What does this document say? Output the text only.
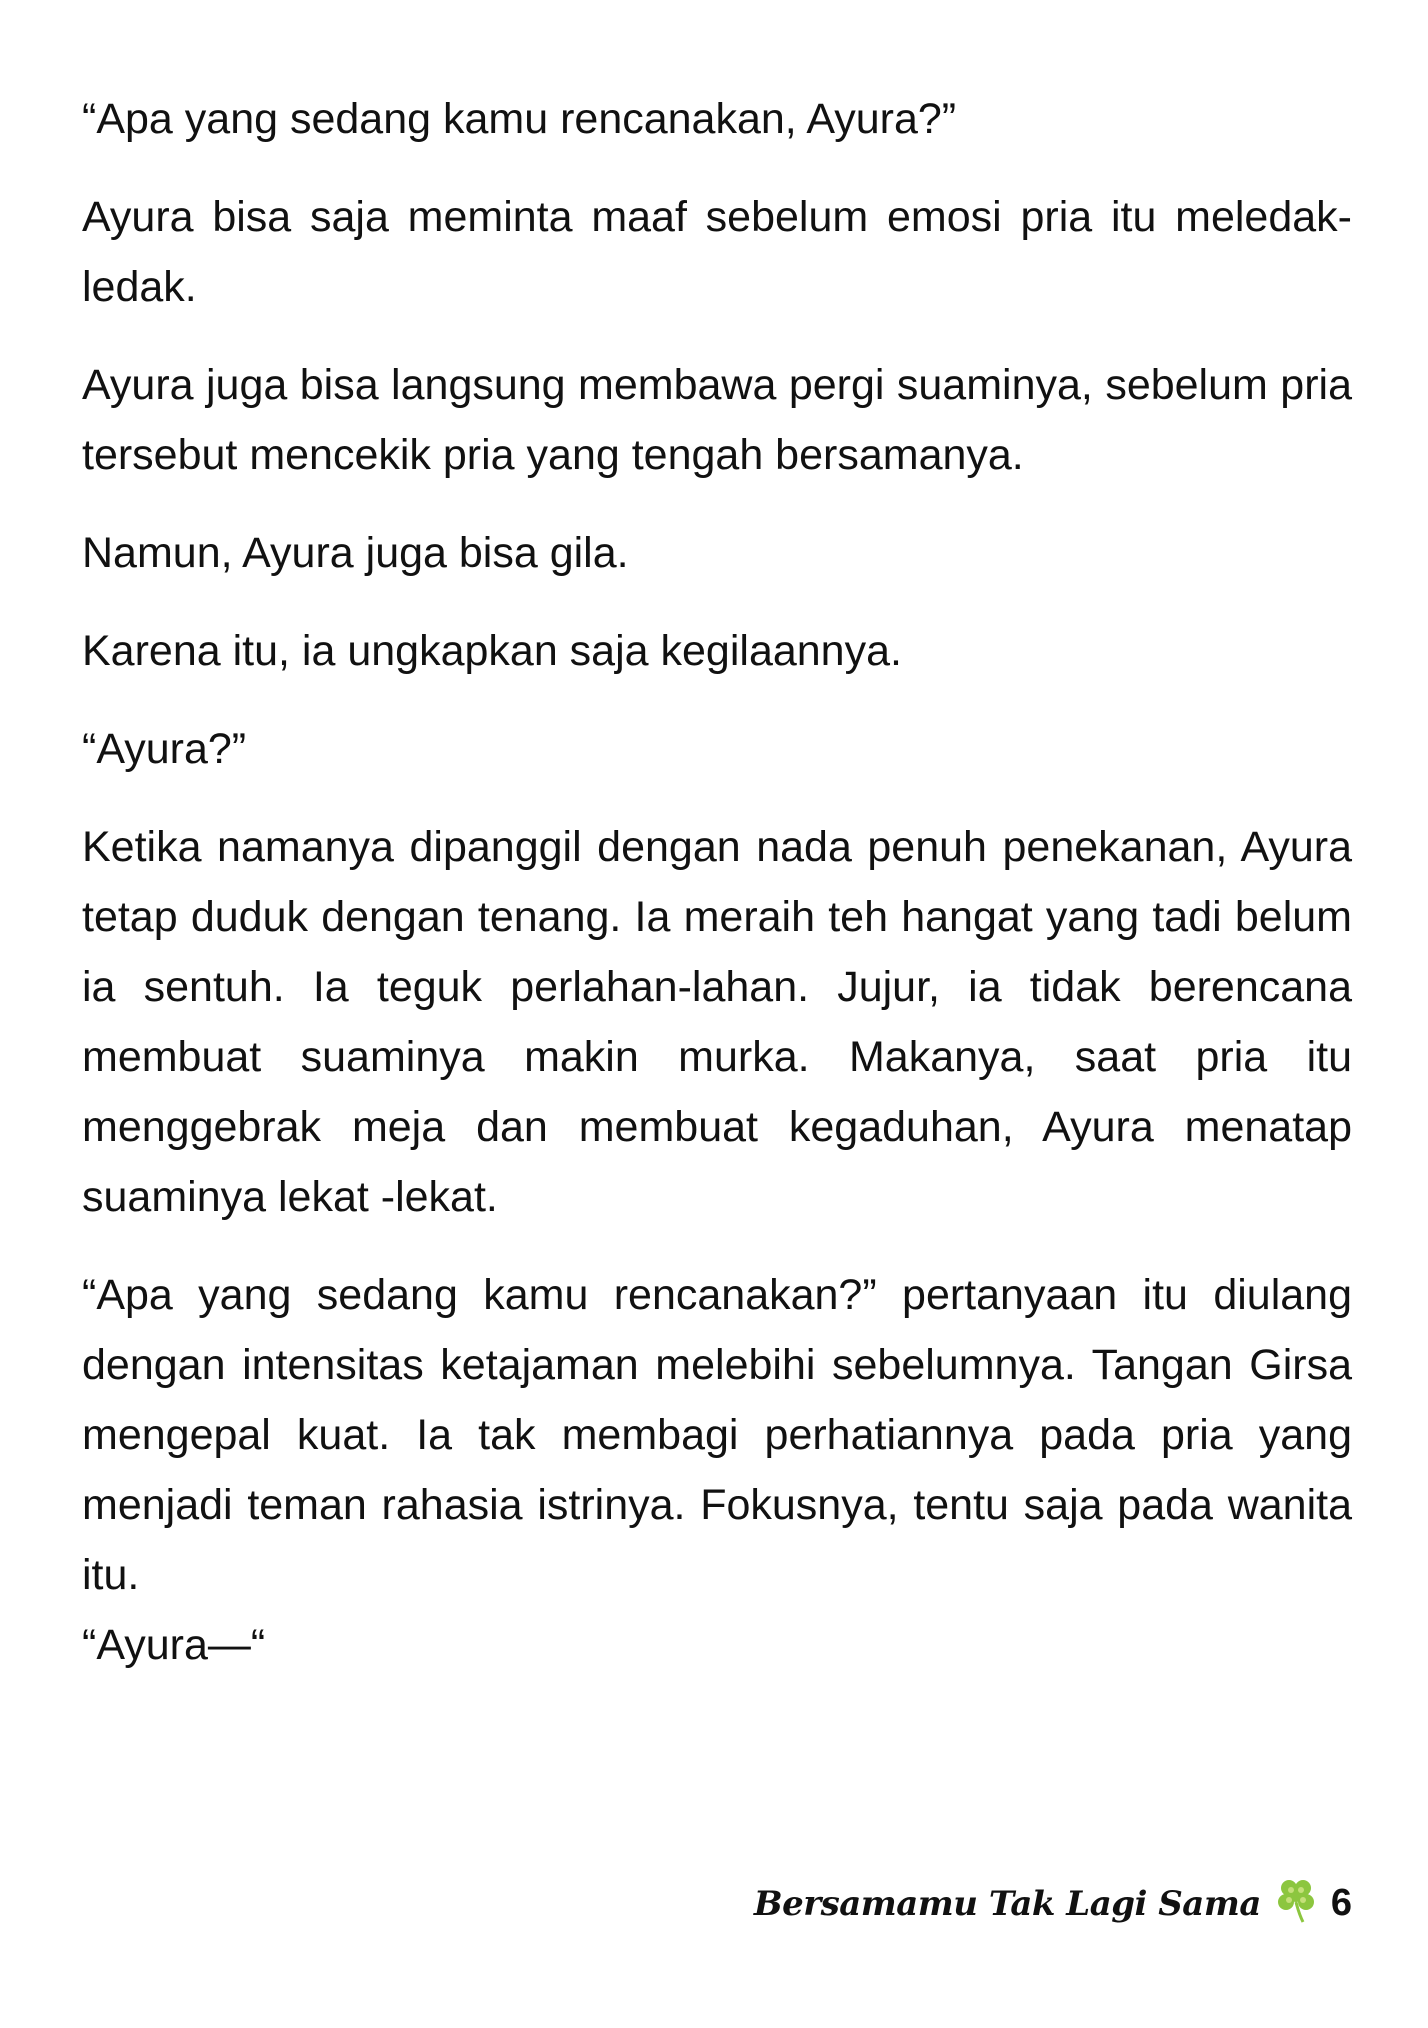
“Apa yang sedang kamu rencanakan, Ayura?”

Ayura bisa saja meminta maaf sebelum emosi pria itu meledak-ledak.

Ayura juga bisa langsung membawa pergi suaminya, sebelum pria tersebut mencekik pria yang tengah bersamanya.

Namun, Ayura juga bisa gila.

Karena itu, ia ungkapkan saja kegilaannya.

“Ayura?”

Ketika namanya dipanggil dengan nada penuh penekanan, Ayura tetap duduk dengan tenang. Ia meraih teh hangat yang tadi belum ia sentuh. Ia teguk perlahan-lahan. Jujur, ia tidak berencana membuat suaminya makin murka. Makanya, saat pria itu menggebrak meja dan membuat kegaduhan, Ayura menatap suaminya lekat -lekat.

“Apa yang sedang kamu rencanakan?” pertanyaan itu diulang dengan intensitas ketajaman melebihi sebelumnya. Tangan Girsa mengepal kuat. Ia tak membagi perhatiannya pada pria yang menjadi teman rahasia istrinya. Fokusnya, tentu saja pada wanita itu.

“Ayura—“

Bersamamu Tak Lagi Sama 6
